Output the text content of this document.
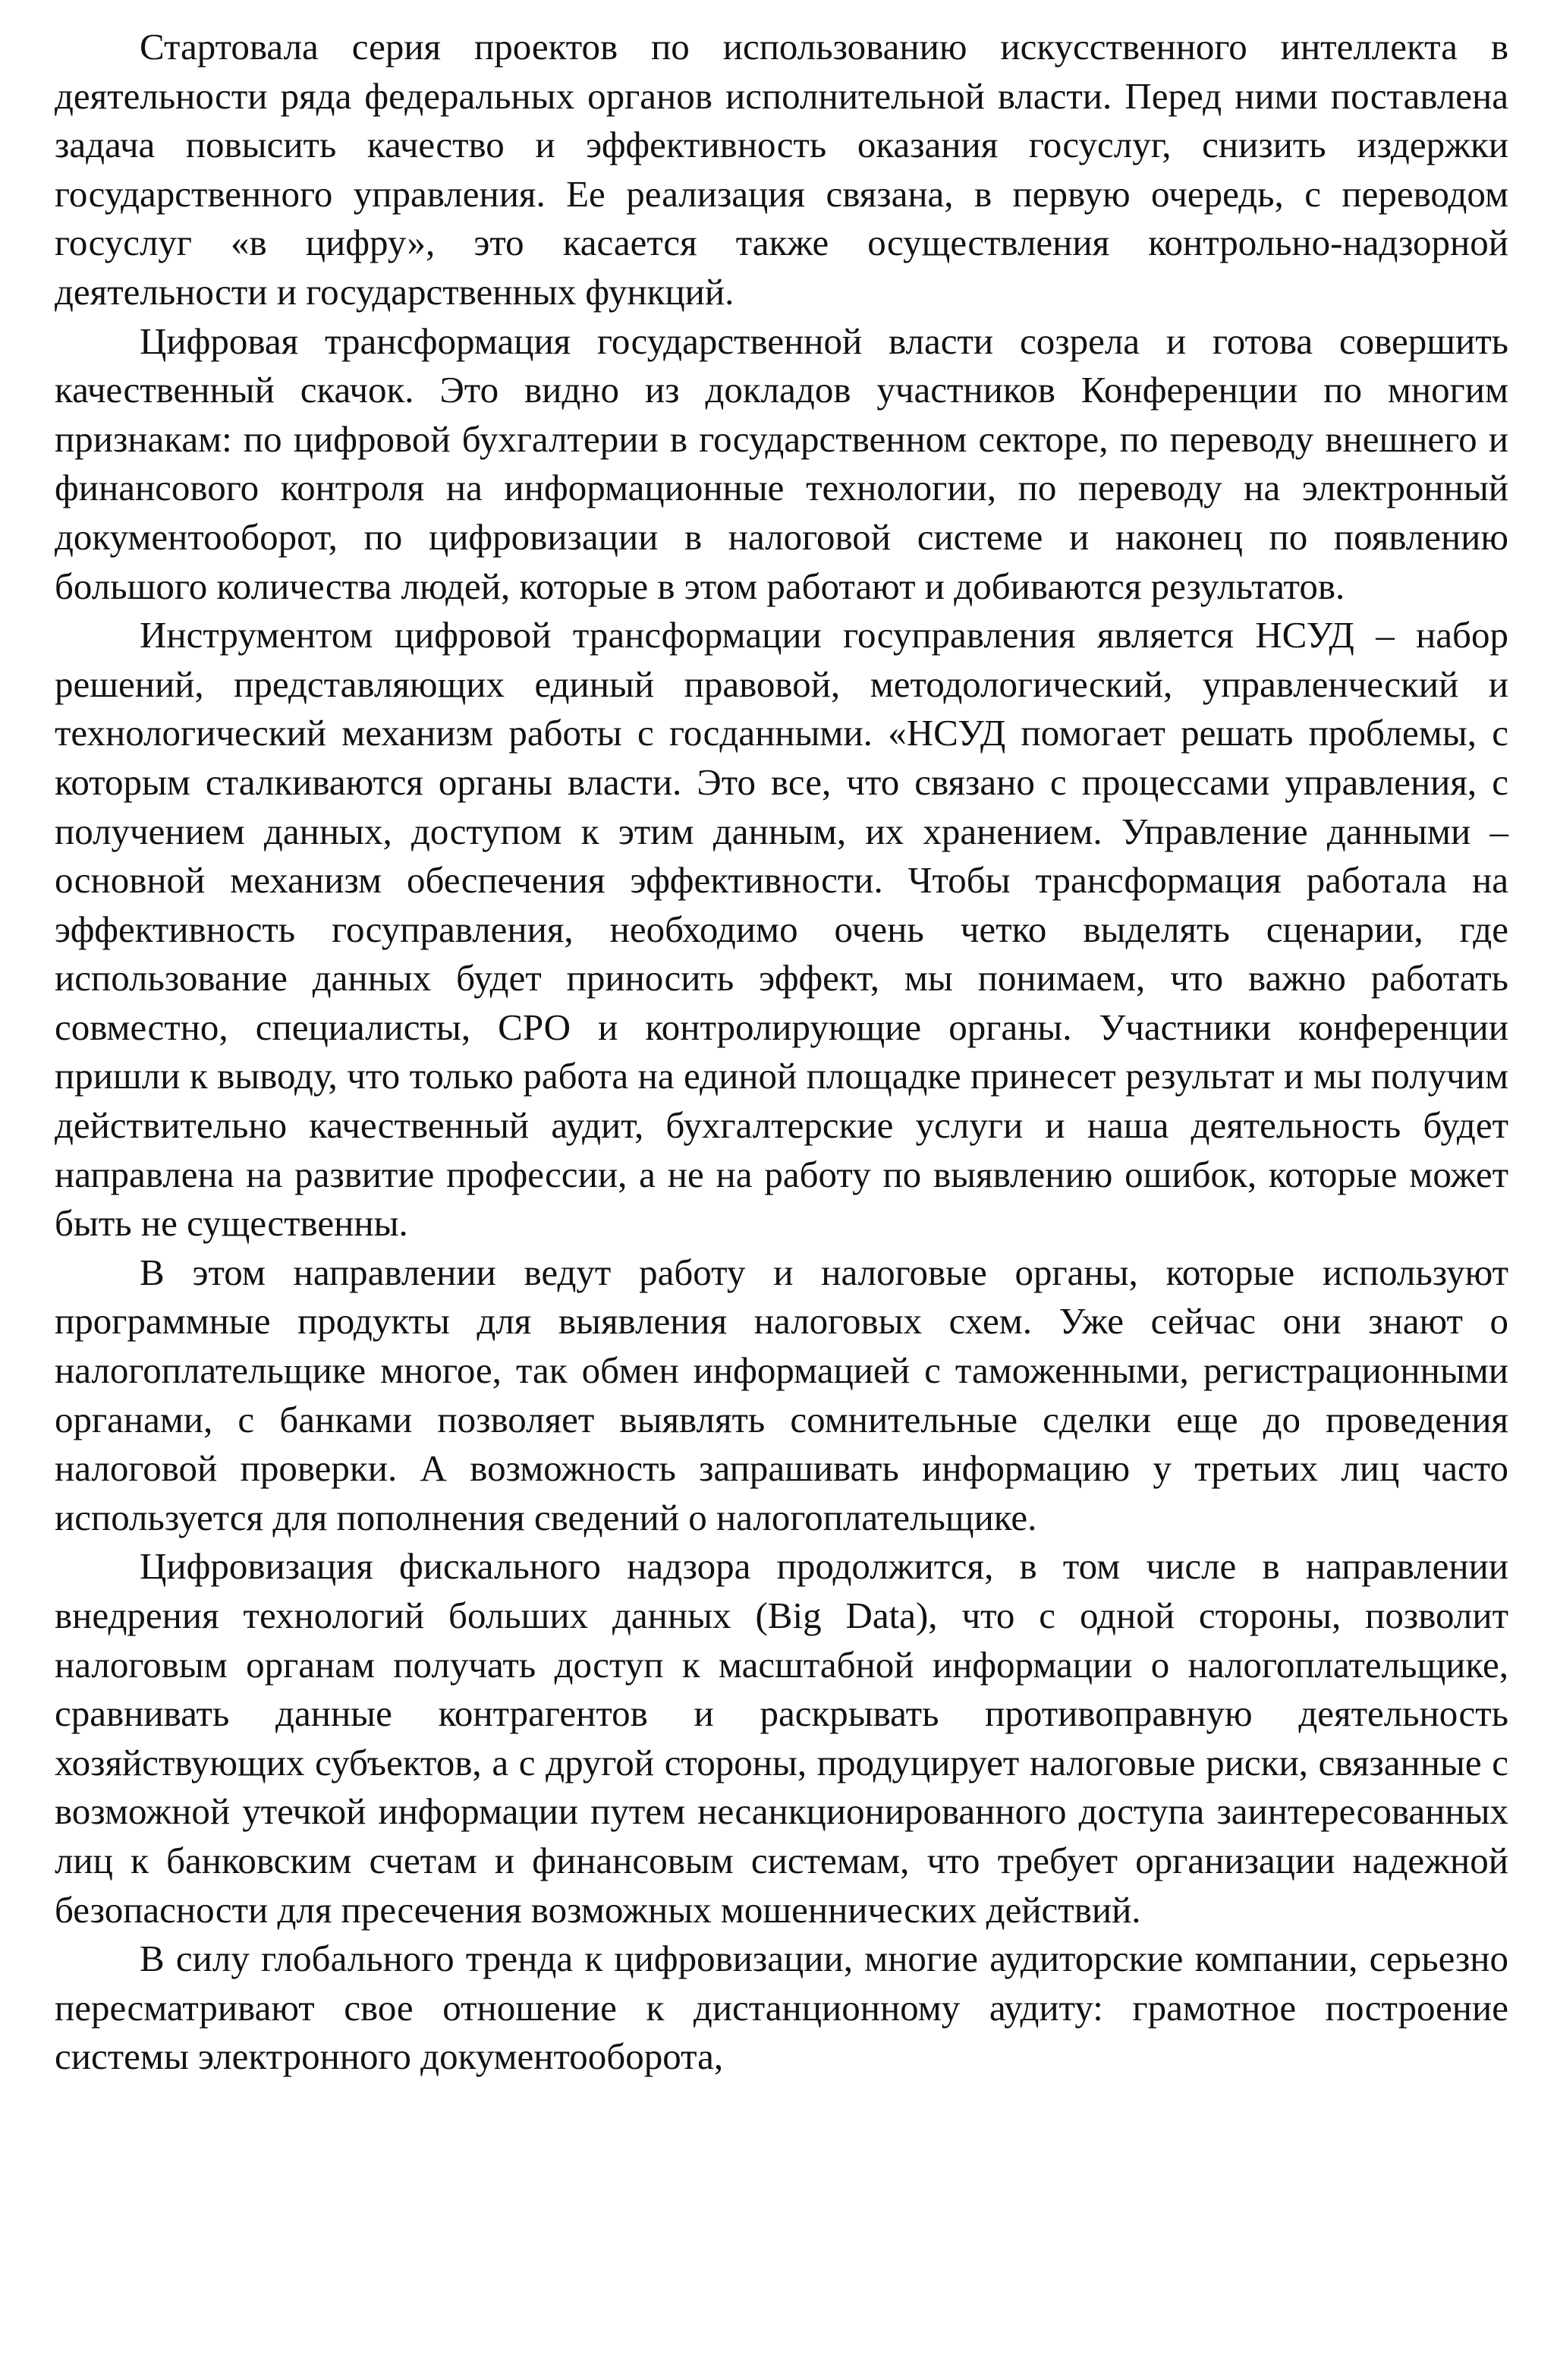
Стартовала серия проектов по использованию искусственного интеллекта в деятельности ряда федеральных органов исполнительной власти. Перед ними поставлена задача повысить качество и эффективность оказания госуслуг, снизить издержки государственного управления. Ее реализация связана, в первую очередь, с переводом госуслуг «в цифру», это касается также осуществления контрольно-надзорной деятельности и государственных функций.

Цифровая трансформация государственной власти созрела и готова совершить качественный скачок. Это видно из докладов участников Конференции по многим признакам: по цифровой бухгалтерии в государственном секторе, по переводу внешнего и финансового контроля на информационные технологии, по переводу на электронный документооборот, по цифровизации в налоговой системе и наконец по появлению большого количества людей, которые в этом работают и добиваются результатов.

Инструментом цифровой трансформации госуправления является НСУД – набор решений, представляющих единый правовой, методологический, управленческий и технологический механизм работы с госданными. «НСУД помогает решать проблемы, с которым сталкиваются органы власти. Это все, что связано с процессами управления, с получением данных, доступом к этим данным, их хранением. Управление данными – основной механизм обеспечения эффективности. Чтобы трансформация работала на эффективность госуправления, необходимо очень четко выделять сценарии, где использование данных будет приносить эффект, мы понимаем, что важно работать совместно, специалисты, СРО и контролирующие органы. Участники конференции пришли к выводу, что только работа на единой площадке принесет результат и мы получим действительно качественный аудит, бухгалтерские услуги и наша деятельность будет направлена на развитие профессии, а не на работу по выявлению ошибок, которые может быть не существенны.

В этом направлении ведут работу и налоговые органы, которые используют программные продукты для выявления налоговых схем. Уже сейчас они знают о налогоплательщике многое, так обмен информацией с таможенными, регистрационными органами, с банками позволяет выявлять сомнительные сделки еще до проведения налоговой проверки. А возможность запрашивать информацию у третьих лиц часто используется для пополнения сведений о налогоплательщике.

Цифровизация фискального надзора продолжится, в том числе в направлении внедрения технологий больших данных (Big Data), что с одной стороны, позволит налоговым органам получать доступ к масштабной информации о налогоплательщике, сравнивать данные контрагентов и раскрывать противоправную деятельность хозяйствующих субъектов, а с другой стороны, продуцирует налоговые риски, связанные с возможной утечкой информации путем несанкционированного доступа заинтересованных лиц к банковским счетам и финансовым системам, что требует организации надежной безопасности для пресечения возможных мошеннических действий.

В силу глобального тренда к цифровизации, многие аудиторские компании, серьезно пересматривают свое отношение к дистанционному аудиту: грамотное построение системы электронного документооборота,
